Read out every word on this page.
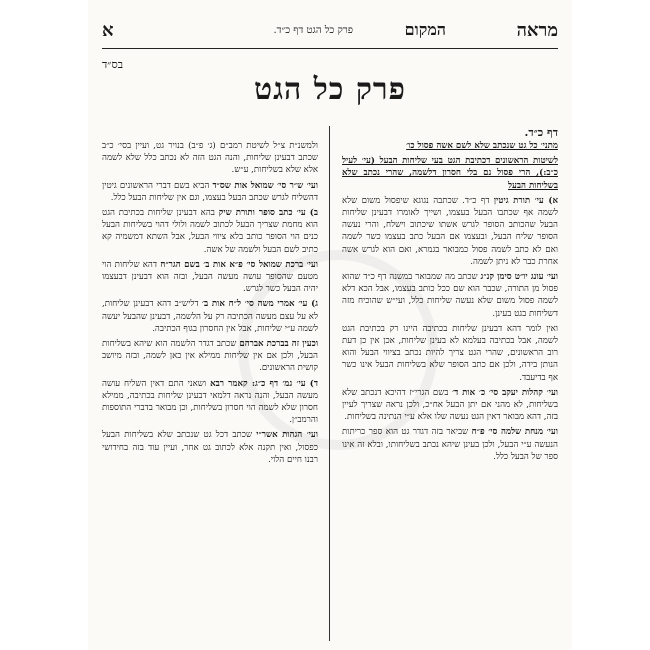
מראה
פרק כל הגט דף כ״ד.	המקום
א
בס״ד
פרק כל הגט
דף כ״ד.

מתני׳ כל גט שנכתב שלא לשם אשה פסול כו׳

לשיטות הראשונים דכתיבת הגט בעי שליחות הבעל (עי׳ לעיל כ״ב:), הרי פסול נם בלי חסרון דלשמה, שהרי נכתב שלא בשליחות הבעל

א) עי׳ תורת גיטין דף כ״ד. שכתבה נגוגא שיפסול משום שלא לשמה אף שכתבו הבעל בעצמו, ושייך לאומרו דבעינן שליחות הבעל שהכותב הסופר לגרש אשתו שיכתוב וישלח, והרי נעשה הסופר שליח הבעל, ובעצמו אם הבעל כתב בעצמו כשר לשמה ואם לא כתב לשמה פסול כמבואר בגמרא, ואם הוא לגרש אשה אחרת כבר לא ניתן לשמה.

ועי׳ עונג יו״ט סימן קנ״ג שכתב מה שמבואר במשנה דף כ״ד שהוא פסול מן התורה, שכבר הוא שם ככל כותב בעצמו, אבל הכא דלא לשמה פסול משום שלא נעשה שליחות כלל, ועי״ש שהוכיח מזה דשליחות בגט בעינן.

ואין לומר דהא דבעינן שליחות בכתיבה היינו רק בכתיבת הגט לשמה, אבל בכתיבה בעלמא לא בעינן שליחות, אכן אין כן דעת רוב הראשונים, שהרי הגט צריך להיות נכתב בציווי הבעל והוא הנותן בידה, ולכן אם כתב הסופר שלא בשליחות הבעל אינו כשר אף בדיעבד.

ועי׳ קהלות יעקב סי׳ כ׳ אות ד׳ בשם הגרי״ז דהיכא דנכתב שלא בשליחות, לא מהני אם יתן הבעל אח״כ, ולכן נראה שצריך לעיין בזה, דהא מבואר דאין הגט נעשה שלו אלא ע״י הנתינה בשליחות.

ועי׳ מנחת שלמה סי׳ פ״ח שביאר בזה דגדר גט הוא ספר כריתות הנעשה ע״י הבעל, ולכן בעינן שיהא נכתב בשליחותו, ובלא זה אינו ספר של הבעל כלל.

ולמשנ״ת צ״ל לשיטת רמב״ם (ג׳ פ״ב) בנויר גט, ועיין בסי׳ כ״ב שכתב דבעינן שליחות, והנה הגט הזה לא נכתב כלל שלא לשמה אלא שלא בשליחות, ע״ש.

ועי׳ ש״ר סי׳ שמואל אות שס״ד הביא בשם דברי הראשונים גיטין דהשליח לגרש שכתב הבעל בעצמו, וגם אין שליחות הבעל כלל.

ב) עי׳ כתב סופר ותורת שיק בהא דבעינן שליחות בכתיבת הגט הוא מחמת שצריך הבעל לכתוב לשמה ולולי דהוי בשליחות הבעל כנים הוי הסופר כותב בלא ציווי הבעל, אבל השתא דמשמיה קא כתיב לשם הבעל ולשמה של אשה.

ועי׳ ברכת שמואל סי׳ פ״א אות ב׳ בשם הגר״ח דהא שליחות הוי מטעם שהסופר עושה מעשה הבעל, ובזה הוא דבעינן דבעצמו יהיה הבעל כשר לגרש.

ג) עי׳ אמרי משה סי׳ ל״ח אות ב׳ דליש״ב דהא דבעינן שליחות, לא על עצם מעשה הכתיבה רק על הלשמה, דבעינן שהבעל יעשה לשמה ע״י שליחות, אבל אין החסרון בגוף הכתיבה.

וכעין זה בברכת אברהם שכתב דגדר הלשמה הוא שיהא בשליחות הבעל, ולכן אם אין שליחות ממילא אין כאן לשמה, ובזה מיושב קושית הראשונים.

ד) עי׳ גמ׳ דף כ״ג: קאמר רבא ושאני התם דאין השליח עושה מעשה הבעל, והנה נראה דלמאי דבעינן שליחות בכתיבה, ממילא חסרון שלא לשמה הוי חסרון בשליחות, וכן מבואר בדברי התוספות והרמב״ן.

ועי׳ הגהות אשר״י שכתב דכל גט שנכתב שלא בשליחות הבעל כפסול, ואין תקנה אלא לכתוב גט אחר, ועיין עוד בזה בחידושי רבנו חיים הלוי.
